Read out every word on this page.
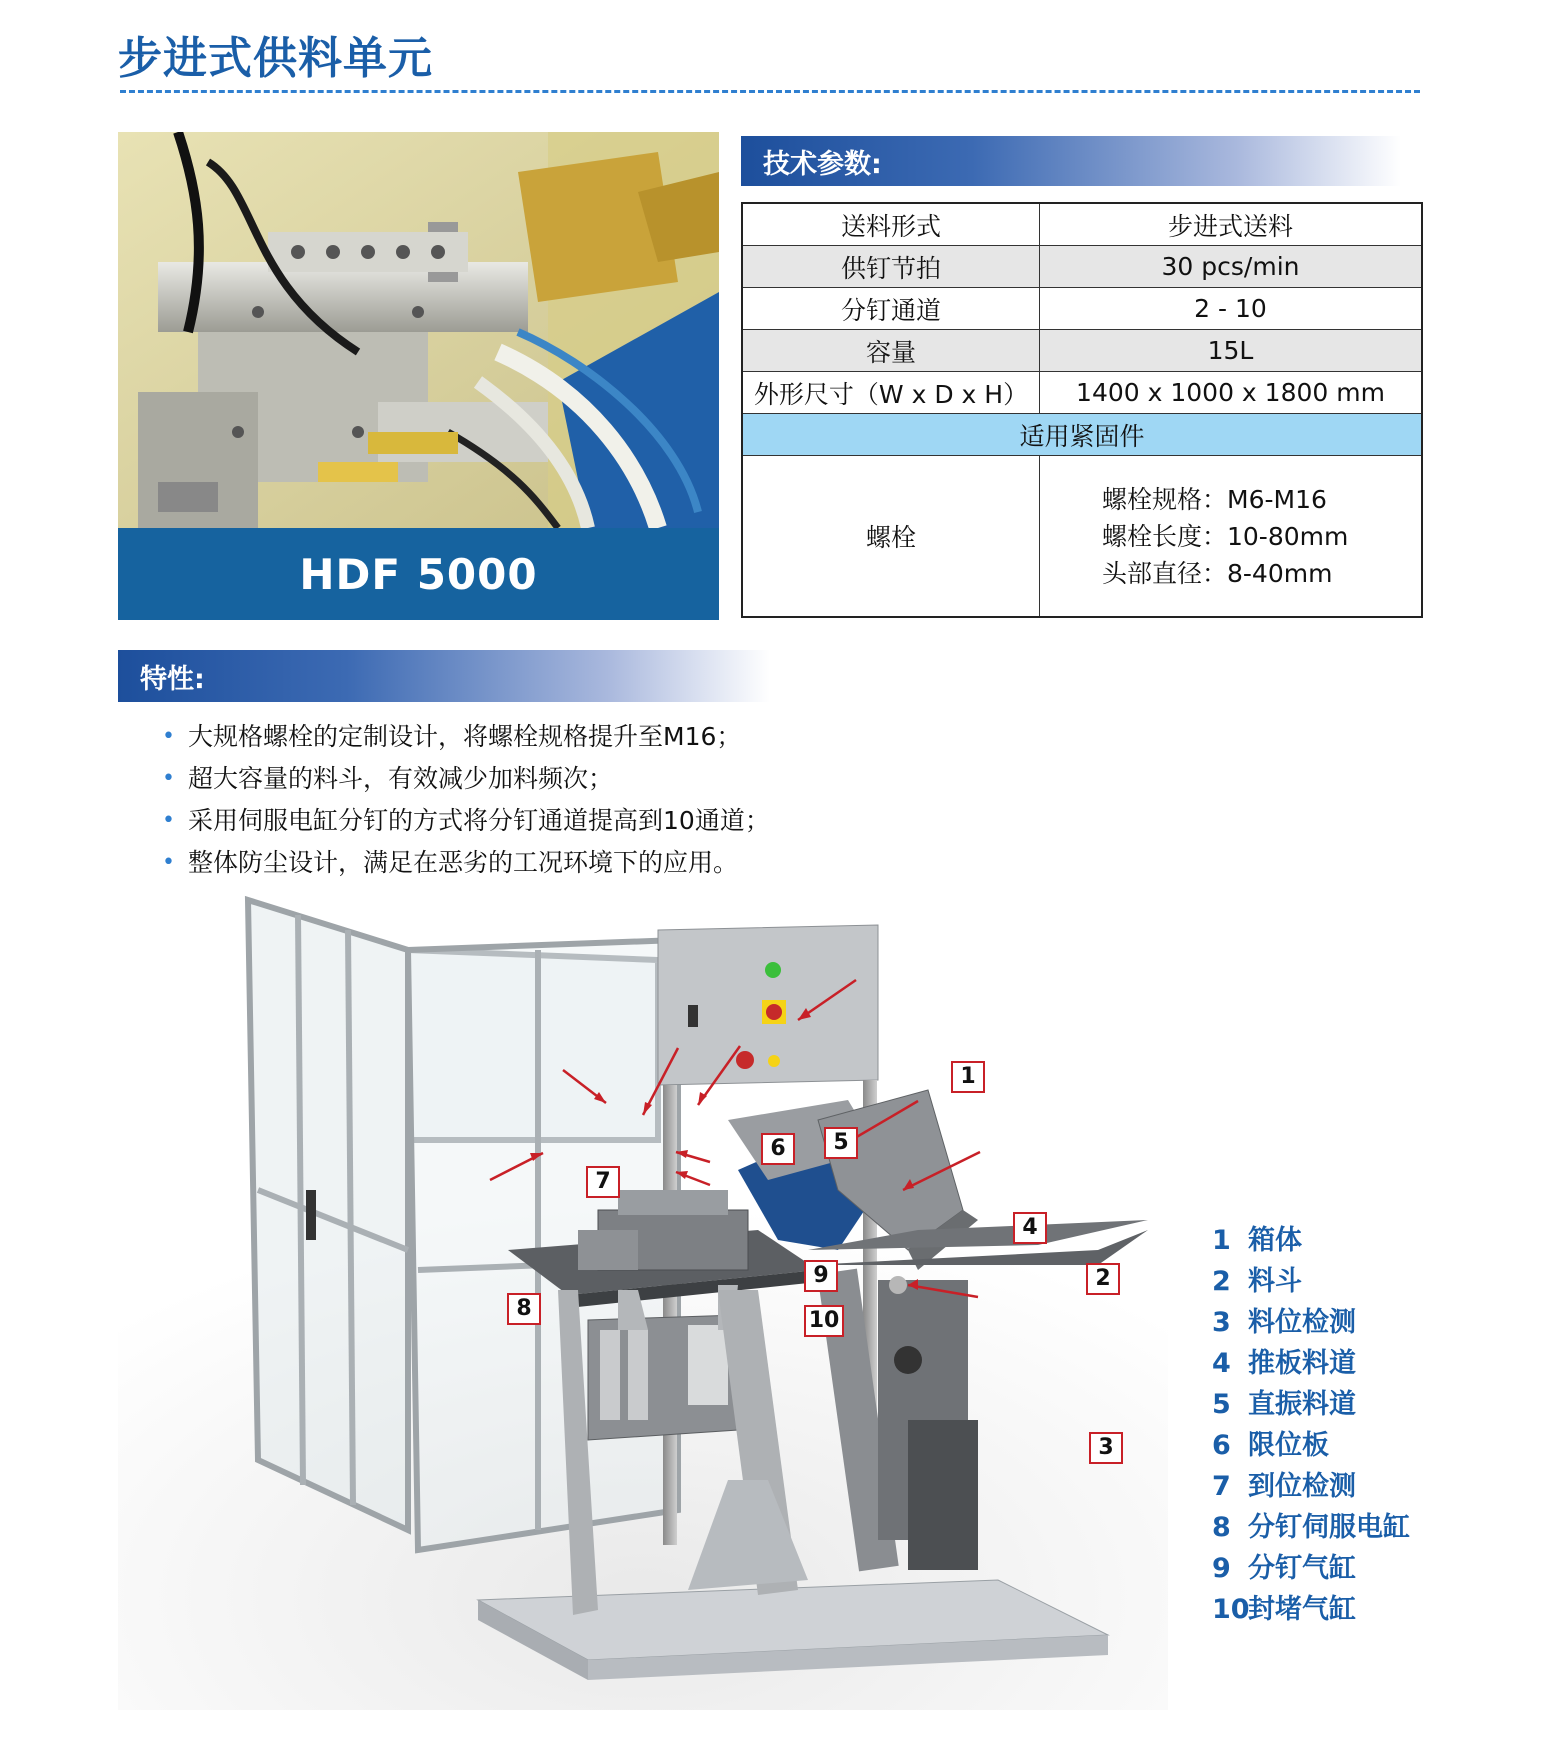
步进式供料单元
HDF 5000
技术参数:
送料形式	步进式送料
供钉节拍	30 pcs/min
分钉通道	2 - 10
容量	15L
外形尺寸（W x D x H）	1400 x 1000 x 1800 mm
适用紧固件	
螺栓	螺栓规格：M6-M16
螺栓长度：10-80mm
头部直径：8-40mm
特性:
• 大规格螺栓的定制设计，将螺栓规格提升至M16；
• 超大容量的料斗，有效减少加料频次；
• 采用伺服电缸分钉的方式将分钉通道提高到10通道；
• 整体防尘设计，满足在恶劣的工况环境下的应用。
1
2
3
4
5
6
7
8
9
10
1 箱体
2 料斗
3 料位检测
4 推板料道
5 直振料道
6 限位板
7 到位检测
8 分钉伺服电缸
9 分钉气缸
10封堵气缸
